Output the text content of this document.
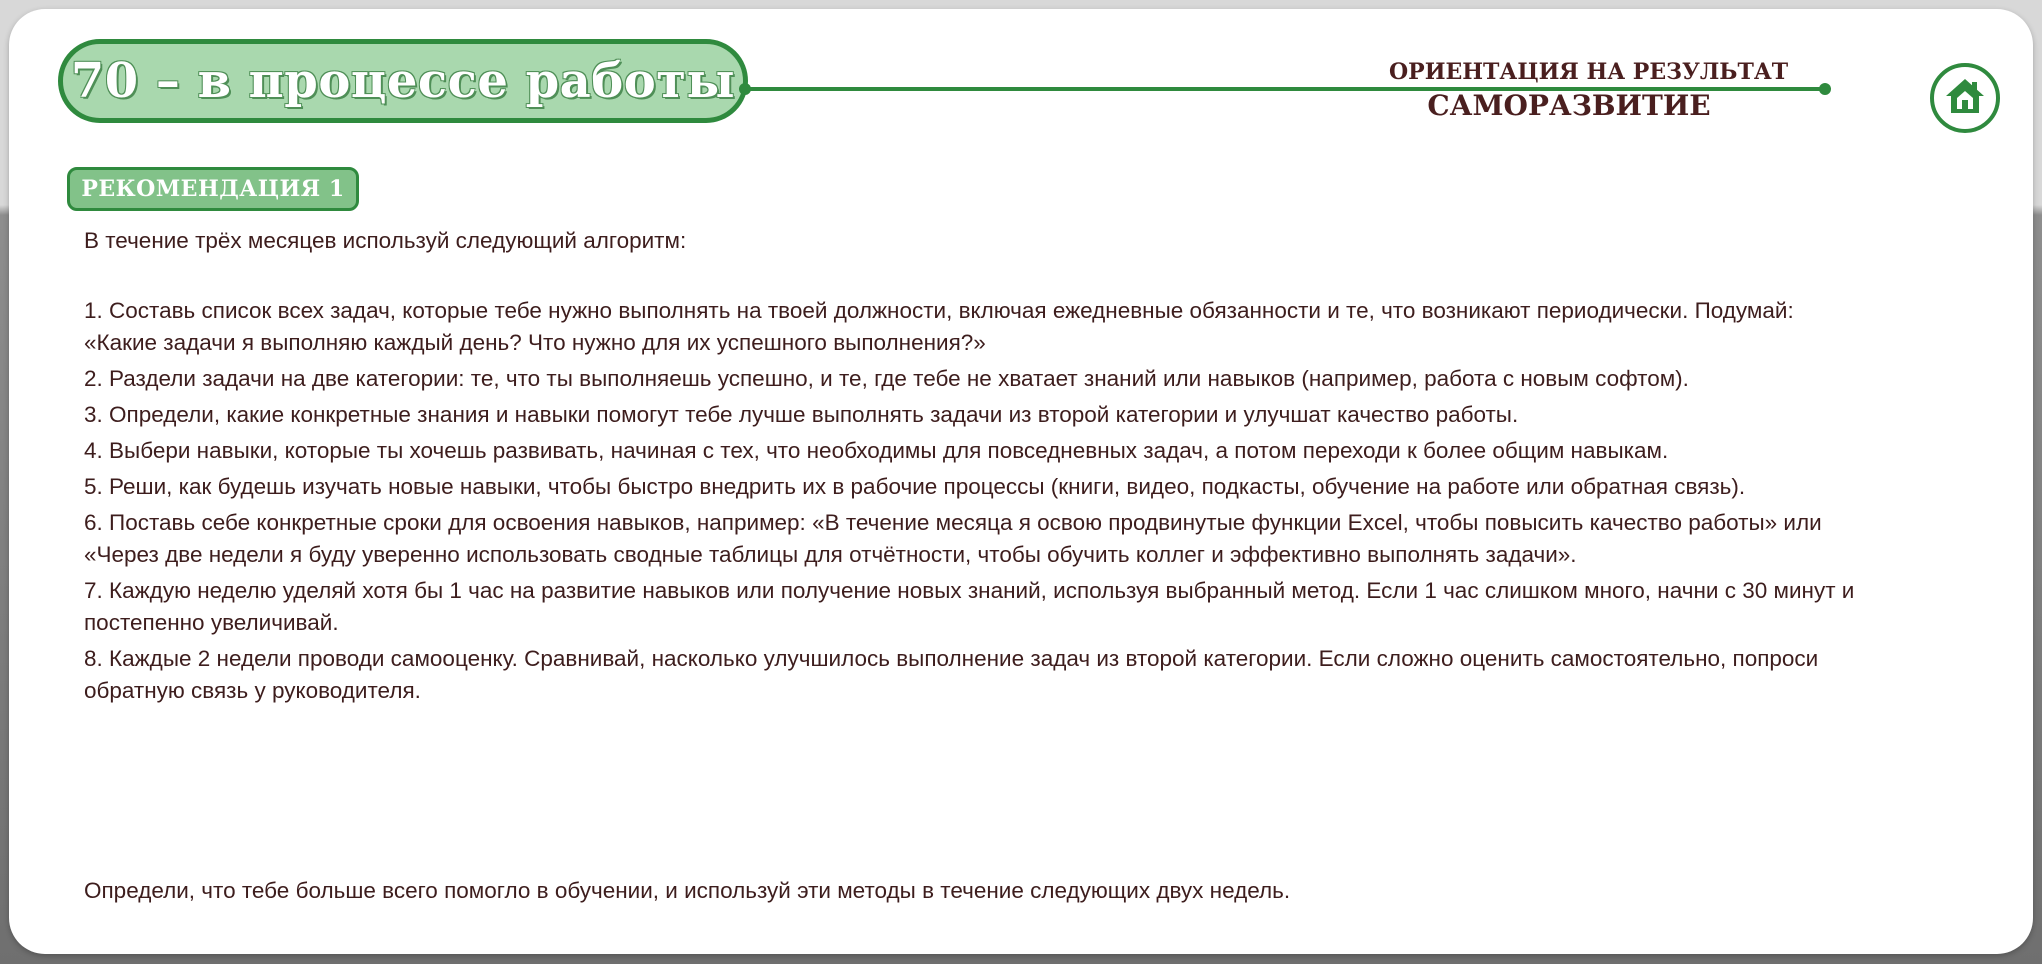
70 – в процессе работы	ОРИЕНТАЦИЯ НА РЕЗУЛЬТАТ
САМОРАЗВИТИЕ
РЕКОМЕНДАЦИЯ 1
В течение трёх месяцев используй следующий алгоритм:
1. Составь список всех задач, которые тебе нужно выполнять на твоей должности, включая ежедневные обязанности и те, что возникают периодически. Подумай: «Какие задачи я выполняю каждый день? Что нужно для их успешного выполнения?»
2. Раздели задачи на две категории: те, что ты выполняешь успешно, и те, где тебе не хватает знаний или навыков (например, работа с новым софтом).
3. Определи, какие конкретные знания и навыки помогут тебе лучше выполнять задачи из второй категории и улучшат качество работы.
4. Выбери навыки, которые ты хочешь развивать, начиная с тех, что необходимы для повседневных задач, а потом переходи к более общим навыкам.
5. Реши, как будешь изучать новые навыки, чтобы быстро внедрить их в рабочие процессы (книги, видео, подкасты, обучение на работе или обратная связь).
6. Поставь себе конкретные сроки для освоения навыков, например: «В течение месяца я освою продвинутые функции Excel, чтобы повысить качество работы» или «Через две недели я буду уверенно использовать сводные таблицы для отчётности, чтобы обучить коллег и эффективно выполнять задачи».
7. Каждую неделю уделяй хотя бы 1 час на развитие навыков или получение новых знаний, используя выбранный метод. Если 1 час слишком много, начни с 30 минут и постепенно увеличивай.
8. Каждые 2 недели проводи самооценку. Сравнивай, насколько улучшилось выполнение задач из второй категории. Если сложно оценить самостоятельно, попроси обратную связь у руководителя.
Определи, что тебе больше всего помогло в обучении, и используй эти методы в течение следующих двух недель.
